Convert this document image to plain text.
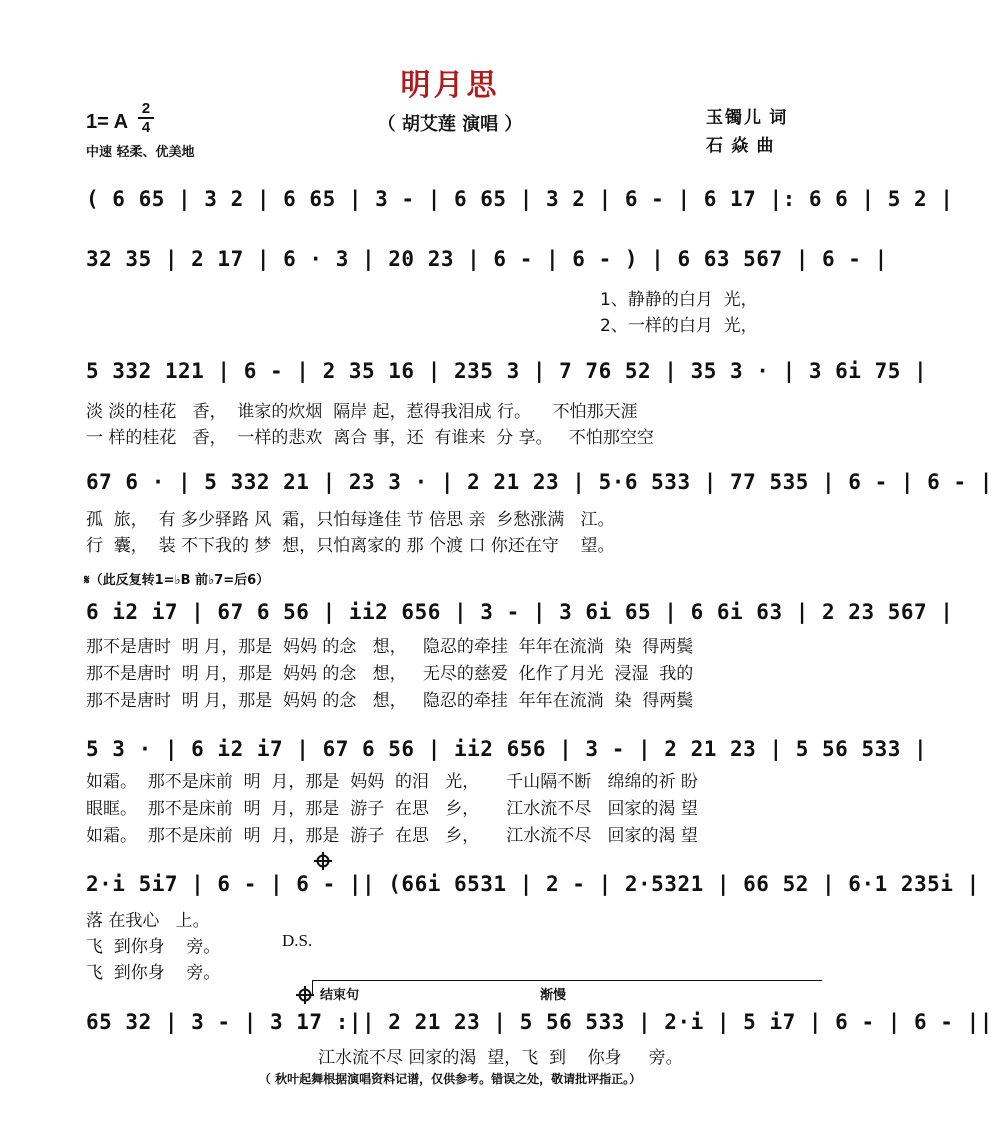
明月思
（ 胡艾莲 演唱 ）
1= A
2
4
中速 轻柔、优美地
玉镯儿 词
石 焱 曲
( 6 65 | 3 2 | 6 65 | 3 - | 6 65 | 3 2 | 6 - | 6 17 |: 6 6 | 5 2 |
32 35 | 2 17 | 6 · 3 | 20 23 | 6 - | 6 - ) | 6 63 567 | 6 - |
1、静静的白月  光，
2、一样的白月  光，
5 332 121 | 6 - | 2 35 16 | 235 3 | 7 76 52 | 35 3 · | 3 6i 75 |
淡 淡的桂花   香，  谁家的炊烟  隔岸 起，惹得我泪成 行。    不怕那天涯
一 样的桂花   香，  一样的悲欢  离合 事，还  有谁来  分 享。   不怕那空空
67 6 · | 5 332 21 | 23 3 · | 2 21 23 | 5·6 533 | 77 535 | 6 - | 6 - |
孤  旅，  有 多少驿路 风  霜，只怕每逢佳 节 倍思 亲  乡愁涨满   江。
行  囊，  装 不下我的 梦  想，只怕离家的 那 个渡 口 你还在守    望。
𝄋（此反复转1=♭B 前♭7=后6）
6 i2 i7 | 67 6 56 | ii2 656 | 3 - | 3 6i 65 | 6 6i 63 | 2 23 567 |
那不是唐时  明 月，那是  妈妈 的念   想，   隐忍的牵挂  年年在流淌  染  得两鬓
那不是唐时  明 月，那是  妈妈 的念   想，   无尽的慈爱  化作了月光  浸湿  我的
那不是唐时  明 月，那是  妈妈 的念   想，   隐忍的牵挂  年年在流淌  染  得两鬓
5 3 · | 6 i2 i7 | 67 6 56 | ii2 656 | 3 - | 2 21 23 | 5 56 533 |
如霜。  那不是床前  明  月，那是  妈妈  的泪   光，     千山隔不断   绵绵的祈 盼
眼眶。  那不是床前  明  月，那是  游子  在思   乡，     江水流不尽   回家的渴 望
如霜。  那不是床前  明  月，那是  游子  在思   乡，     江水流不尽   回家的渴 望
2·i 5i7 | 6 - | 6 - || (66i 6531 | 2 - | 2·5321 | 66 52 | 6·1 235i |
落 在我心   上。
飞  到你身    旁。	D.S.
飞  到你身    旁。
结束句	渐慢
65 32 | 3 - | 3 17 :|| 2 21 23 | 5 56 533 | 2·i | 5 i7 | 6 - | 6 - ||
江水流不尽 回家的渴  望，飞  到    你身     旁。
（ 秋叶起舞根据演唱资料记谱，仅供参考。错误之处，敬请批评指正。）
